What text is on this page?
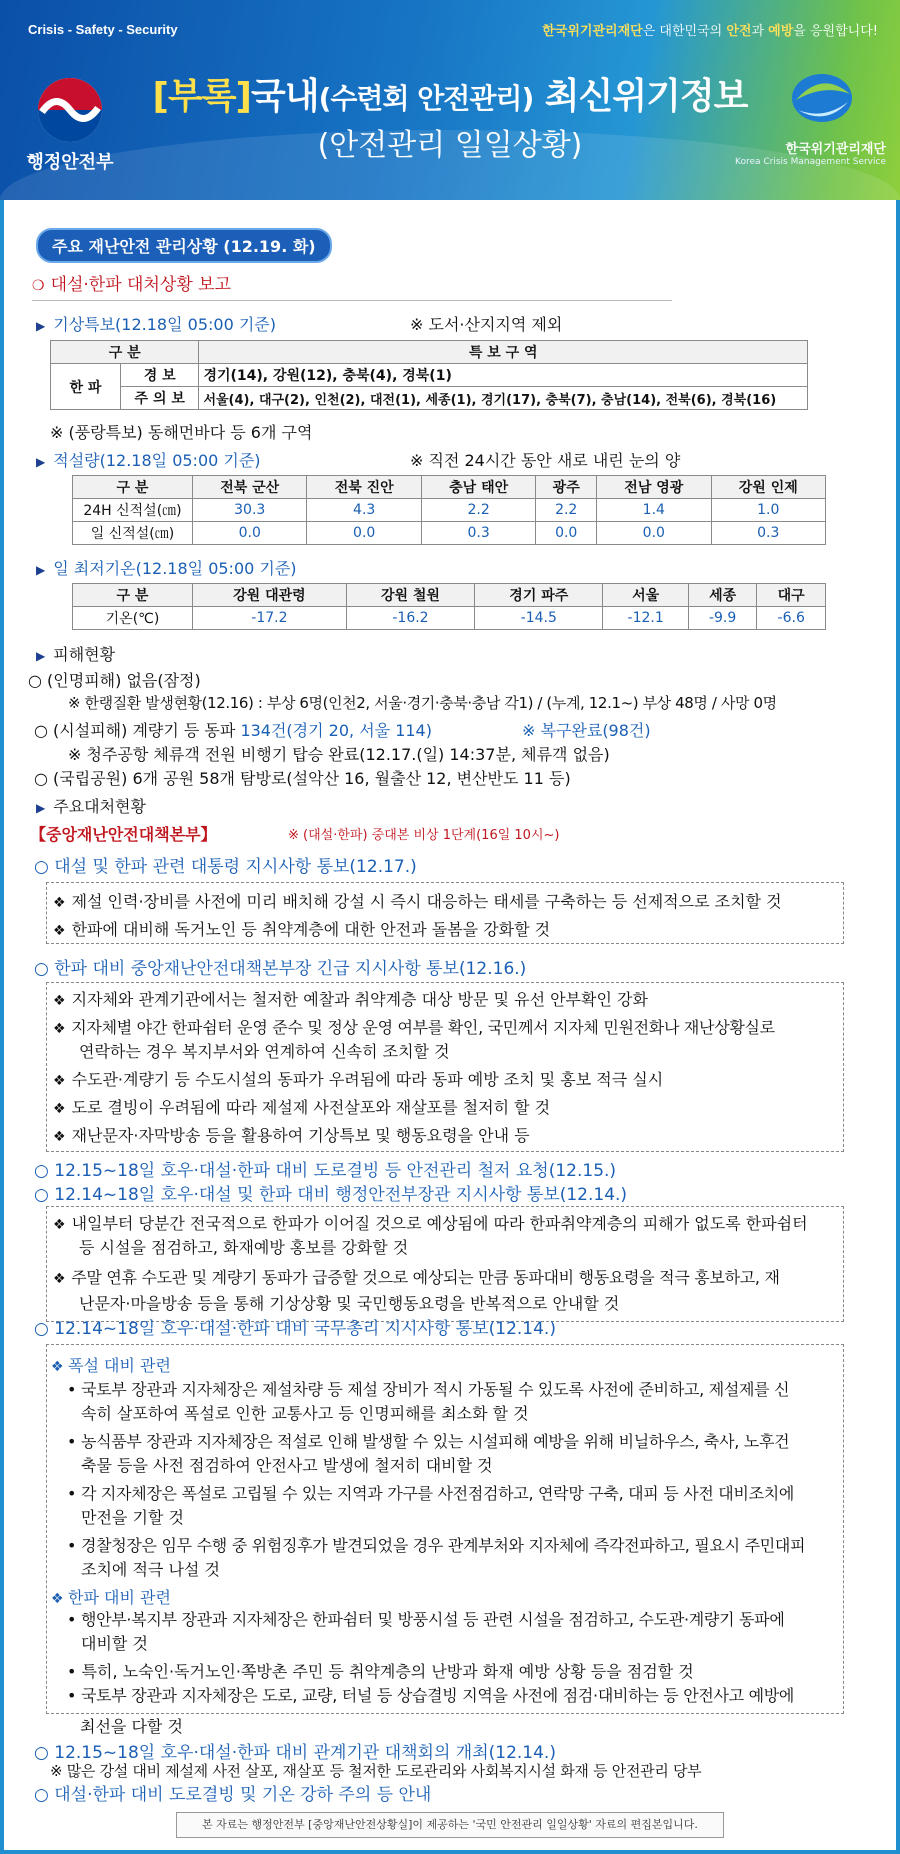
Crisis - Safety - Security	한국위기관리재단은 대한민국의 안전과 예방을 응원합니다!
행정안전부
[부록]국내(수련회 안전관리) 최신위기정보
(안전관리 일일상황)	한국위기관리재단
Korea Crisis Management Service
주요 재난안전 관리상황 (12.19. 화)
❍ 대설·한파 대처상황 보고
▶ 기상특보(12.18일 05:00 기준)	※ 도서·산지지역 제외
구 분		특 보 구 역
한 파	경 보	경기(14), 강원(12), 충북(4), 경북(1)
	주 의 보	서울(4), 대구(2), 인천(2), 대전(1), 세종(1), 경기(17), 충북(7), 충남(14), 전북(6), 경북(16)
※ (풍랑특보) 동해먼바다 등 6개 구역
▶ 적설량(12.18일 05:00 기준)	※ 직전 24시간 동안 새로 내린 눈의 양
구 분	전북 군산	전북 진안	충남 태안	광주	전남 영광	강원 인제
24H 신적설(㎝)	30.3	4.3	2.2	2.2	1.4	1.0
일 신적설(㎝)	0.0	0.0	0.3	0.0	0.0	0.3
▶ 일 최저기온(12.18일 05:00 기준)
구 분	강원 대관령	강원 철원	경기 파주	서울	세종	대구
기온(℃)	-17.2	-16.2	-14.5	-12.1	-9.9	-6.6
▶ 피해현황
○ (인명피해) 없음(잠정)
※ 한랭질환 발생현황(12.16) : 부상 6명(인천2, 서울·경기·충북·충남 각1) / (누계, 12.1~) 부상 48명 / 사망 0명
○ (시설피해) 계량기 등 동파 134건(경기 20, 서울 114)	※ 복구완료(98건)
※ 청주공항 체류객 전원 비행기 탑승 완료(12.17.(일) 14:37분, 체류객 없음)
○ (국립공원) 6개 공원 58개 탐방로(설악산 16, 월출산 12, 변산반도 11 등)
▶ 주요대처현황
【중앙재난안전대책본부】	※ (대설·한파) 중대본 비상 1단계(16일 10시~)
○ 대설 및 한파 관련 대통령 지시사항 통보(12.17.)
❖ 제설 인력·장비를 사전에 미리 배치해 강설 시 즉시 대응하는 태세를 구축하는 등 선제적으로 조치할 것
❖ 한파에 대비해 독거노인 등 취약계층에 대한 안전과 돌봄을 강화할 것
○ 한파 대비 중앙재난안전대책본부장 긴급 지시사항 통보(12.16.)
❖ 지자체와 관계기관에서는 철저한 예찰과 취약계층 대상 방문 및 유선 안부확인 강화
❖ 지자체별 야간 한파쉼터 운영 준수 및 정상 운영 여부를 확인, 국민께서 지자체 민원전화나 재난상황실로
연락하는 경우 복지부서와 연계하여 신속히 조치할 것
❖ 수도관·계량기 등 수도시설의 동파가 우려됨에 따라 동파 예방 조치 및 홍보 적극 실시
❖ 도로 결빙이 우려됨에 따라 제설제 사전살포와 재살포를 철저히 할 것
❖ 재난문자·자막방송 등을 활용하여 기상특보 및 행동요령을 안내 등
○ 12.15~18일 호우·대설·한파 대비 도로결빙 등 안전관리 철저 요청(12.15.)
○ 12.14~18일 호우·대설 및 한파 대비 행정안전부장관 지시사항 통보(12.14.)
❖ 내일부터 당분간 전국적으로 한파가 이어질 것으로 예상됨에 따라 한파취약계층의 피해가 없도록 한파쉼터
등 시설을 점검하고, 화재예방 홍보를 강화할 것
❖ 주말 연휴 수도관 및 계량기 동파가 급증할 것으로 예상되는 만큼 동파대비 행동요령을 적극 홍보하고, 재
난문자·마을방송 등을 통해 기상상황 및 국민행동요령을 반복적으로 안내할 것
○ 12.14~18일 호우·대설·한파 대비 국무총리 지시사항 통보(12.14.)
❖ 폭설 대비 관련
• 국토부 장관과 지자체장은 제설차량 등 제설 장비가 적시 가동될 수 있도록 사전에 준비하고, 제설제를 신
속히 살포하여 폭설로 인한 교통사고 등 인명피해를 최소화 할 것
• 농식품부 장관과 지자체장은 적설로 인해 발생할 수 있는 시설피해 예방을 위해 비닐하우스, 축사, 노후건
축물 등을 사전 점검하여 안전사고 발생에 철저히 대비할 것
• 각 지자체장은 폭설로 고립될 수 있는 지역과 가구를 사전점검하고, 연락망 구축, 대피 등 사전 대비조치에
만전을 기할 것
• 경찰청장은 임무 수행 중 위험징후가 발견되었을 경우 관계부처와 지자체에 즉각전파하고, 필요시 주민대피
조치에 적극 나설 것
❖ 한파 대비 관련
• 행안부·복지부 장관과 지자체장은 한파쉼터 및 방풍시설 등 관련 시설을 점검하고, 수도관·계량기 동파에
대비할 것
• 특히, 노숙인·독거노인·쪽방촌 주민 등 취약계층의 난방과 화재 예방 상황 등을 점검할 것
• 국토부 장관과 지자체장은 도로, 교량, 터널 등 상습결빙 지역을 사전에 점검·대비하는 등 안전사고 예방에
최선을 다할 것
○ 12.15~18일 호우·대설·한파 대비 관계기관 대책회의 개최(12.14.)
※ 많은 강설 대비 제설제 사전 살포, 재살포 등 철저한 도로관리와 사회복지시설 화재 등 안전관리 당부
○ 대설·한파 대비 도로결빙 및 기온 강하 주의 등 안내
본 자료는 행정안전부 [중앙재난안전상황실]이 제공하는 '국민 안전관리 일일상황' 자료의 편집본입니다.
